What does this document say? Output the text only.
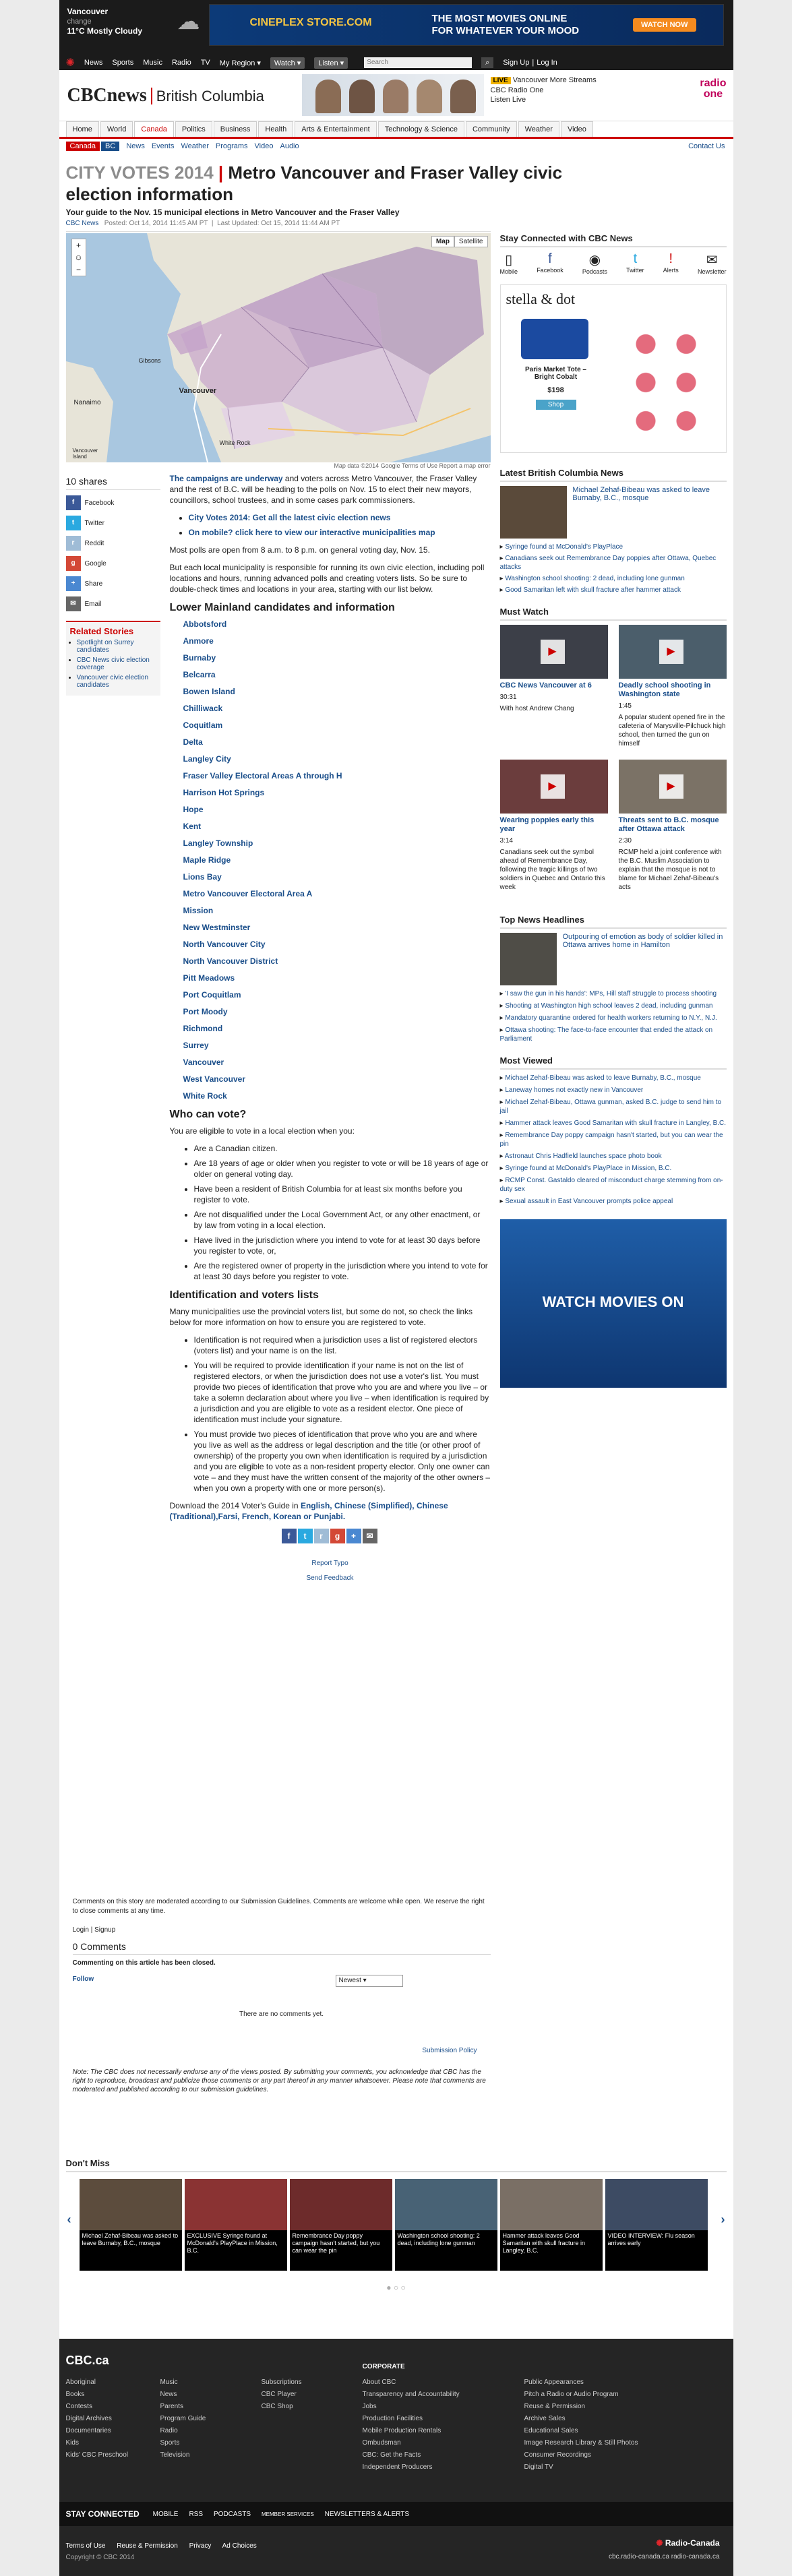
Vancouver
change
11°C Mostly Cloudy ☁	CINEPLEX STORE.COM	THE MOST MOVIES ONLINE
FOR WHATEVER YOUR MOOD	WATCH NOW
✺ News Sports Music Radio TV My Region ▾	Watch ▾	Listen ▾	Search	⌕	Sign Up | Log In
CBCnews British Columbia
LIVE Vancouver More Streams
CBC Radio One
Listen Live
radio
one
Home	World	Canada	Politics	Business	Health	Arts & Entertainment	Technology & Science	Community	Weather	Video
Canada	BC	News Events Weather Programs Video Audio	Contact Us
CITY VOTES 2014 | Metro Vancouver and Fraser Valley civic election information
Your guide to the Nov. 15 municipal elections in Metro Vancouver and the Fraser Valley
CBC News Posted: Oct 14, 2014 11:45 AM PT  |  Last Updated: Oct 15, 2014 11:44 AM PT
Map	Satellite
+
☺
−
Gibsons
Vancouver
Nanaimo
White Rock
Vancouver Island
Map data ©2014 Google Terms of Use Report a map error
10 shares
f	Facebook
t	Twitter
r	Reddit
g	Google
+	Share
✉	Email
Related Stories
• Spotlight on Surrey candidates
• CBC News civic election coverage
• Vancouver civic election candidates

The campaigns are underway and voters across Metro Vancouver, the Fraser Valley and the rest of B.C. will be heading to the polls on Nov. 15 to elect their new mayors, councillors, school trustees, and in some cases park commissioners.

• City Votes 2014: Get all the latest civic election news
• On mobile? click here to view our interactive municipalities map

Most polls are open from 8 a.m. to 8 p.m. on general voting day, Nov. 15.

But each local municipality is responsible for running its own civic election, including poll locations and hours, running advanced polls and creating voters lists. So be sure to double-check times and locations in your area, starting with our list below.

Lower Mainland candidates and information
Abbotsford
Anmore
Burnaby
Belcarra
Bowen Island
Chilliwack
Coquitlam
Delta
Langley City
Fraser Valley Electoral Areas A through H
Harrison Hot Springs
Hope
Kent
Langley Township
Maple Ridge
Lions Bay
Metro Vancouver Electoral Area A
Mission
New Westminster
North Vancouver City
North Vancouver District
Pitt Meadows
Port Coquitlam
Port Moody
Richmond
Surrey
Vancouver
West Vancouver
White Rock
Who can vote?

You are eligible to vote in a local election when you:

• Are a Canadian citizen.
• Are 18 years of age or older when you register to vote or will be 18 years of age or older on general voting day.
• Have been a resident of British Columbia for at least six months before you register to vote.
• Are not disqualified under the Local Government Act, or any other enactment, or by law from voting in a local election.
• Have lived in the jurisdiction where you intend to vote for at least 30 days before you register to vote, or,
• Are the registered owner of property in the jurisdiction where you intend to vote for at least 30 days before you register to vote.
Identification and voters lists

Many municipalities use the provincial voters list, but some do not, so check the links below for more information on how to ensure you are registered to vote.

• Identification is not required when a jurisdiction uses a list of registered electors (voters list) and your name is on the list.
• You will be required to provide identification if your name is not on the list of registered electors, or when the jurisdiction does not use a voter's list. You must provide two pieces of identification that prove who you are and where you live – or take a solemn declaration about where you live – when identification is required by a jurisdiction and you are eligible to vote as a resident elector. One piece of identification must include your signature.
• You must provide two pieces of identification that prove who you are and where you live as well as the address or legal description and the title (or other proof of ownership) of the property you own when identification is required by a jurisdiction and you are eligible to vote as a non-resident property elector. Only one owner can vote – and they must have the written consent of the majority of the other owners – when you own a property with one or more person(s).

Download the 2014 Voter's Guide in English, Chinese (Simplified), Chinese (Traditional),Farsi, French, Korean or Punjabi.

f	t	r	g	+	✉
Report Typo
Send Feedback
Stay Connected with CBC News
▯
Mobile
f
Facebook
◉
Podcasts
t
Twitter
!
Alerts
✉
Newsletter
stella & dot
Paris Market Tote – Bright Cobalt
$198
Shop
Latest British Columbia News
Michael Zehaf-Bibeau was asked to leave Burnaby, B.C., mosque
▸ Syringe found at McDonald's PlayPlace
▸ Canadians seek out Remembrance Day poppies after Ottawa, Quebec attacks
▸ Washington school shooting: 2 dead, including lone gunman
▸ Good Samaritan left with skull fracture after hammer attack
Must Watch
▶
CBC News Vancouver at 6
30:31
With host Andrew Chang
▶
Deadly school shooting in Washington state
1:45
A popular student opened fire in the cafeteria of Marysville-Pilchuck high school, then turned the gun on himself
▶
Wearing poppies early this year
3:14
Canadians seek out the symbol ahead of Remembrance Day, following the tragic killings of two soldiers in Quebec and Ontario this week
▶
Threats sent to B.C. mosque after Ottawa attack
2:30
RCMP held a joint conference with the B.C. Muslim Association to explain that the mosque is not to blame for Michael Zehaf-Bibeau's acts
Top News Headlines
Outpouring of emotion as body of soldier killed in Ottawa arrives home in Hamilton
▸ 'I saw the gun in his hands': MPs, Hill staff struggle to process shooting
▸ Shooting at Washington high school leaves 2 dead, including gunman
▸ Mandatory quarantine ordered for health workers returning to N.Y., N.J.
▸ Ottawa shooting: The face-to-face encounter that ended the attack on Parliament
Most Viewed
▸ Michael Zehaf-Bibeau was asked to leave Burnaby, B.C., mosque
▸ Laneway homes not exactly new in Vancouver
▸ Michael Zehaf-Bibeau, Ottawa gunman, asked B.C. judge to send him to jail
▸ Hammer attack leaves Good Samaritan with skull fracture in Langley, B.C.
▸ Remembrance Day poppy campaign hasn't started, but you can wear the pin
▸ Astronaut Chris Hadfield launches space photo book
▸ Syringe found at McDonald's PlayPlace in Mission, B.C.
▸ RCMP Const. Gastaldo cleared of misconduct charge stemming from on-duty sex
▸ Sexual assault in East Vancouver prompts police appeal
WATCH MOVIES ON

Comments on this story are moderated according to our Submission Guidelines. Comments are welcome while open. We reserve the right to close comments at any time.

Login | Signup

0 Comments

Commenting on this article has been closed.

Follow	Newest ▾

There are no comments yet.

Submission Policy

Note: The CBC does not necessarily endorse any of the views posted. By submitting your comments, you acknowledge that CBC has the right to reproduce, broadcast and publicize those comments or any part thereof in any manner whatsoever. Please note that comments are moderated and published according to our submission guidelines.

Don't Miss
‹
Michael Zehaf-Bibeau was asked to leave Burnaby, B.C., mosque
EXCLUSIVE Syringe found at McDonald's PlayPlace in Mission, B.C.
Remembrance Day poppy campaign hasn't started, but you can wear the pin
Washington school shooting: 2 dead, including lone gunman
Hammer attack leaves Good Samaritan with skull fracture in Langley, B.C.
VIDEO INTERVIEW: Flu season arrives early
›
● ○ ○
CBC.ca
Aboriginal
Books
Contests
Digital Archives
Documentaries
Kids
Kids' CBC Preschool
Music
News
Parents
Program Guide
Radio
Sports
Television
Subscriptions
CBC Player
CBC Shop
CORPORATE
About CBC
Transparency and Accountability
Jobs
Production Facilities
Mobile Production Rentals
Ombudsman
CBC: Get the Facts
Independent Producers
Public Appearances
Pitch a Radio or Audio Program
Reuse & Permission
Archive Sales
Educational Sales
Image Research Library & Still Photos
Consumer Recordings
Digital TV
STAY CONNECTED MOBILE RSS PODCASTS MEMBER SERVICES NEWSLETTERS & ALERTS
Terms of Use Reuse & Permission Privacy Ad Choices
Copyright © CBC 2014
✺ Radio-Canada
cbc.radio-canada.ca radio-canada.ca
